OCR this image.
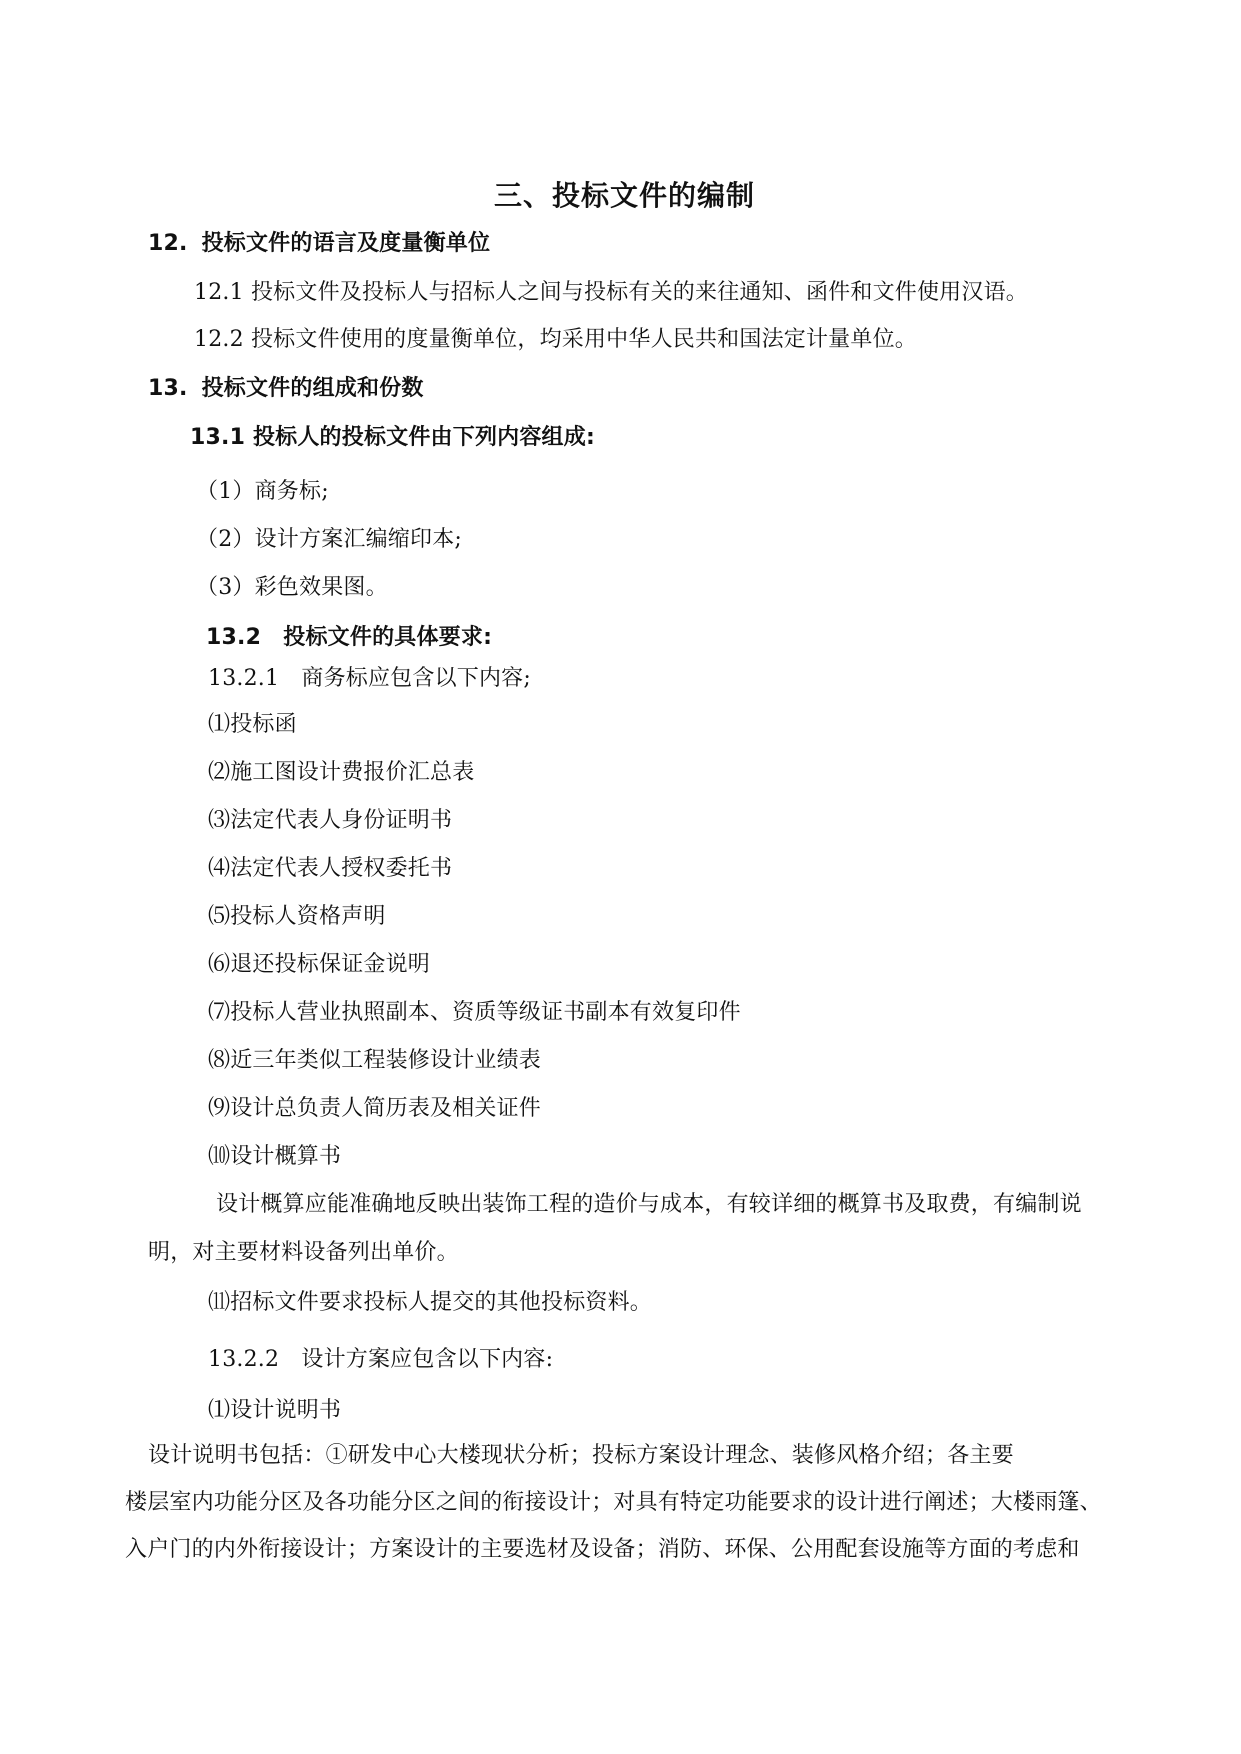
三、投标文件的编制
12. 投标文件的语言及度量衡单位
12.1 投标文件及投标人与招标人之间与投标有关的来往通知、函件和文件使用汉语。
12.2 投标文件使用的度量衡单位，均采用中华人民共和国法定计量单位。
13. 投标文件的组成和份数
13.1 投标人的投标文件由下列内容组成:
（1）商务标;
（2）设计方案汇编缩印本;
（3）彩色效果图。
13.2　投标文件的具体要求:
13.2.1　商务标应包含以下内容;
⑴投标函
⑵施工图设计费报价汇总表
⑶法定代表人身份证明书
⑷法定代表人授权委托书
⑸投标人资格声明
⑹退还投标保证金说明
⑺投标人营业执照副本、资质等级证书副本有效复印件
⑻近三年类似工程装修设计业绩表
⑼设计总负责人简历表及相关证件
⑽设计概算书
设计概算应能准确地反映出装饰工程的造价与成本，有较详细的概算书及取费，有编制说
明，对主要材料设备列出单价。
⑾招标文件要求投标人提交的其他投标资料。
13.2.2　设计方案应包含以下内容:
⑴设计说明书
设计说明书包括：①研发中心大楼现状分析；投标方案设计理念、装修风格介绍；各主要
楼层室内功能分区及各功能分区之间的衔接设计；对具有特定功能要求的设计进行阐述；大楼雨篷、
入户门的内外衔接设计；方案设计的主要选材及设备；消防、环保、公用配套设施等方面的考虑和
